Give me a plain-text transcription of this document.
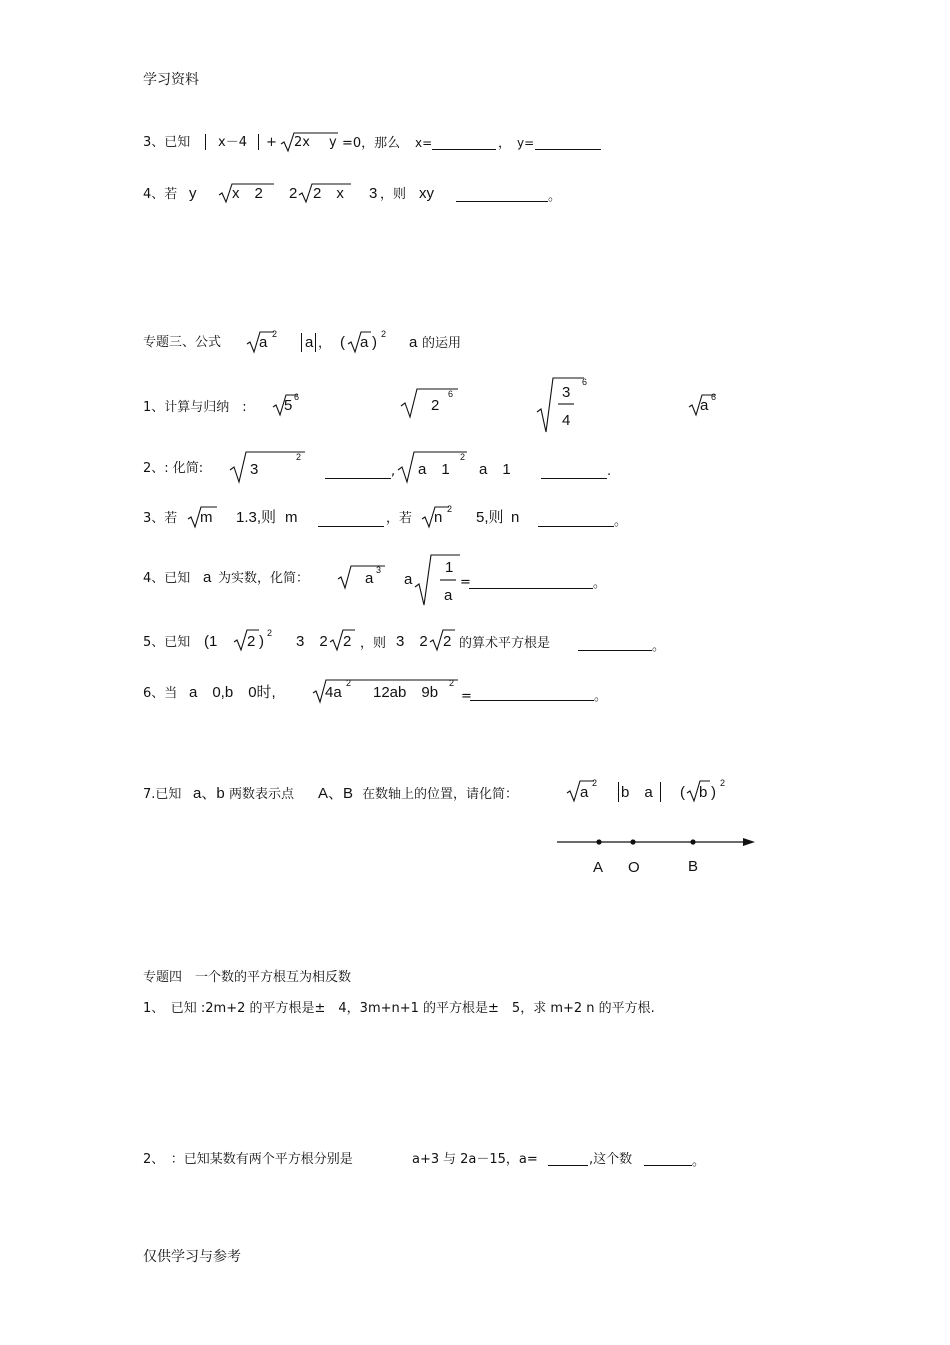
学习资料
3、已知 x－4 + 2x y =0，那么 x=	， y=
4、若 y x　2 2 2　x 3 ，则 xy	。
专题三、公式	a 2 a ， ( a ) 2 a 的运用
1、计算与归纳　: 5 6	2
6	3
4
6
a 6
2、: 化简:	3
2
, a　1
2
a　1	.
3、若 m 1.3,则 m	，若 n 2 5,则 n	。
4、已知 a 为实数，化简：	a 3
a
1
a
=	。
5、已知 (1 2 ) 2 3　2 2 ，则 3　2 2 的算术平方根是	。
6、当 a　0,b　0时,	4a
2
12ab　9b
2
=	。
7.已知 a、b 两数表示点 A、B 在数轴上的位置，请化简：	a
2
b　a ( b )
2
A O	B
专题四　一个数的平方根互为相反数
1、　已知 :2m+2 的平方根是±　4，3m+n+1 的平方根是±　5，求 m+2 n 的平方根.
2、　：已知某数有两个平方根分别是	a+3 与 2a－15，a=	,这个数	。
仅供学习与参考
